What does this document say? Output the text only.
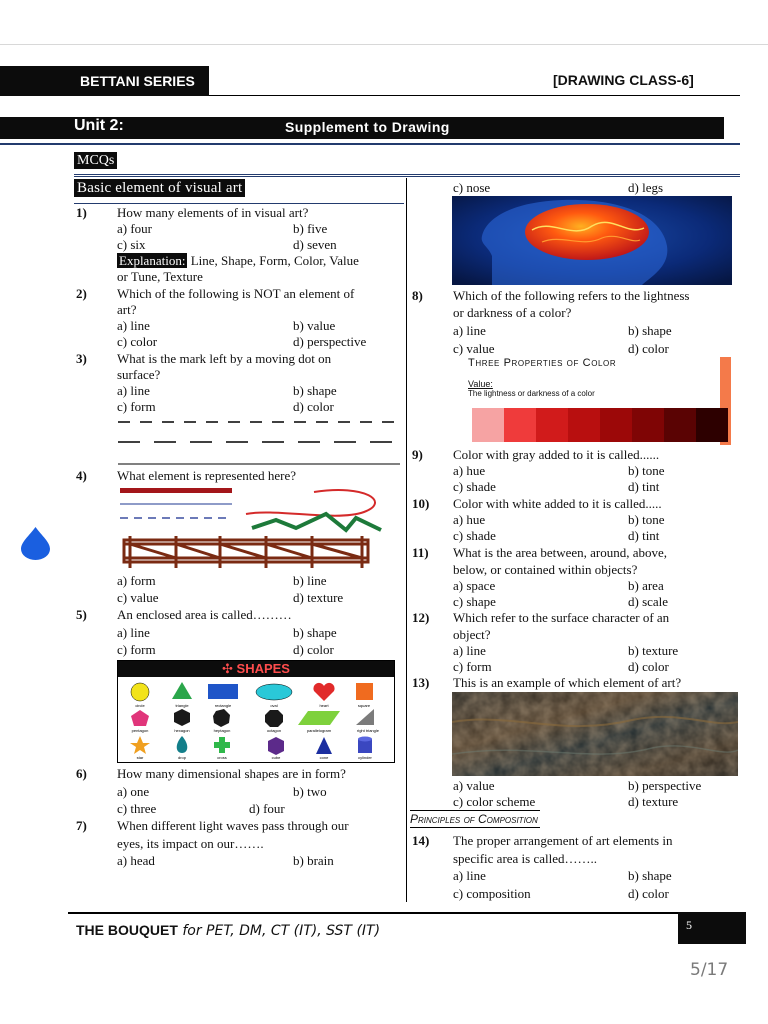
BETTANI SERIES	[DRAWING CLASS-6]
Unit 2:	Supplement to Drawing
MCQs
Basic element of visual art
1) How many elements of in visual art?
a) four	b) five
c) six	d) seven
Explanation: Line, Shape, Form, Color, Value
or Tune, Texture
2) Which of the following is NOT an element of
art?
a) line	b) value
c) color	d) perspective
3) What is the mark left by a moving dot on
surface?
a) line	b) shape
c) form	d) color
4) What element is represented here?
a) form	b) line
c) value	d) texture
5) An enclosed area is called………
a) line	b) shape
c) form	d) color
✣ SHAPES
circle	triangle	rectangle	oval	heart	square
pentagon	hexagon	heptagon	octagon	parallelogram	right triangle
star	drop	cross	cube	cone	cylinder
6) How many dimensional shapes are in form?
a) one	b) two
c) three	d) four
7) When different light waves pass through our
eyes, its impact on our…….
a) head	b) brain
c) nose	d) legs
8) Which of the following refers to the lightness
or darkness of a color?
a) line	b) shape
c) value	d) color
Three Properties of Color
Value:
The lightness or darkness of a color
9) Color with gray added to it is called......
a) hue	b) tone
c) shade	d) tint
10) Color with white added to it is called.....
a) hue	b) tone
c) shade	d) tint
11) What is the area between, around, above,
below, or contained within objects?
a) space	b) area
c) shape	d) scale
12) Which refer to the surface character of an
object?
a) line	b) texture
c) form	d) color
13) This is an example of which element of art?
a) value	b) perspective
c) color scheme	d) texture
Principles of Composition
14) The proper arrangement of art elements in
specific area is called……..
a) line	b) shape
c) composition	d) color
THE BOUQUET for PET, DM, CT (IT), SST (IT)	5
5/17
